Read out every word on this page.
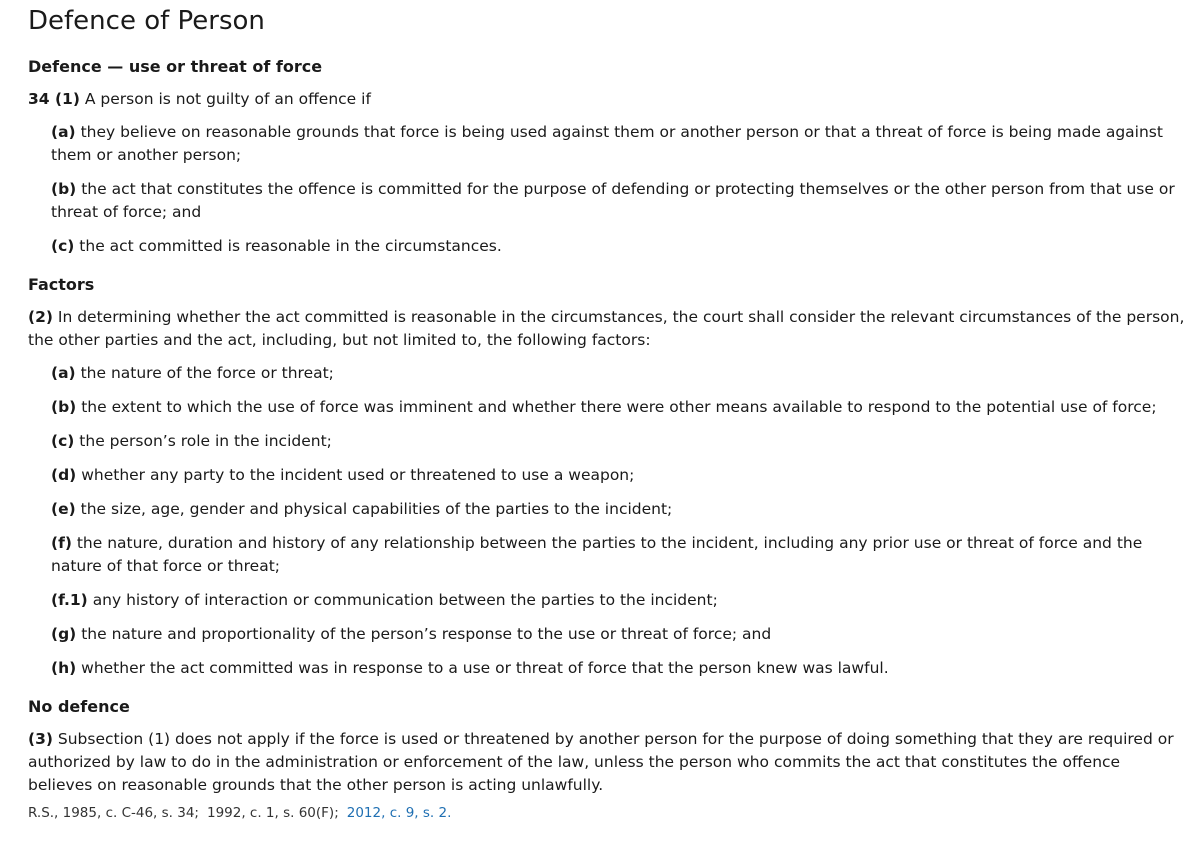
Defence of Person
Defence — use or threat of force
34 (1) A person is not guilty of an offence if
(a) they believe on reasonable grounds that force is being used against them or another person or that a threat of force is being made against them or another person;
(b) the act that constitutes the offence is committed for the purpose of defending or protecting themselves or the other person from that use or threat of force; and
(c) the act committed is reasonable in the circumstances.
Factors
(2) In determining whether the act committed is reasonable in the circumstances, the court shall consider the relevant circumstances of the person, the other parties and the act, including, but not limited to, the following factors:
(a) the nature of the force or threat;
(b) the extent to which the use of force was imminent and whether there were other means available to respond to the potential use of force;
(c) the person’s role in the incident;
(d) whether any party to the incident used or threatened to use a weapon;
(e) the size, age, gender and physical capabilities of the parties to the incident;
(f) the nature, duration and history of any relationship between the parties to the incident, including any prior use or threat of force and the nature of that force or threat;
(f.1) any history of interaction or communication between the parties to the incident;
(g) the nature and proportionality of the person’s response to the use or threat of force; and
(h) whether the act committed was in response to a use or threat of force that the person knew was lawful.
No defence
(3) Subsection (1) does not apply if the force is used or threatened by another person for the purpose of doing something that they are required or authorized by law to do in the administration or enforcement of the law, unless the person who commits the act that constitutes the offence believes on reasonable grounds that the other person is acting unlawfully.
R.S., 1985, c. C-46, s. 34; 1992, c. 1, s. 60(F); 2012, c. 9, s. 2.
